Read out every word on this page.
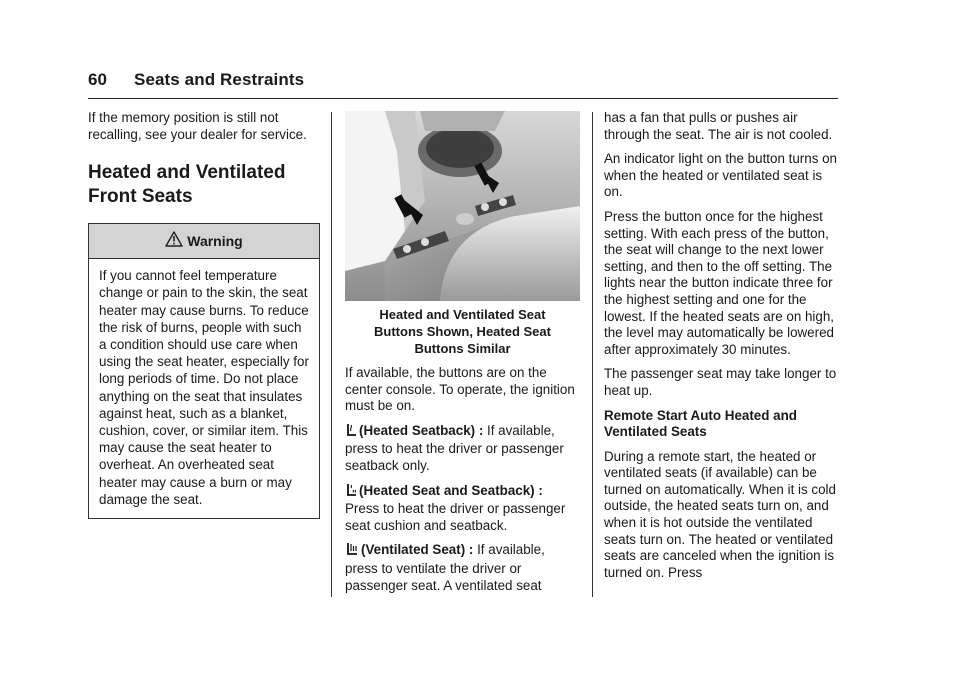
60 Seats and Restraints

If the memory position is still not recalling, see your dealer for service.

Heated and Ventilated
Front Seats
Warning
If you cannot feel temperature change or pain to the skin, the seat heater may cause burns. To reduce the risk of burns, people with such a condition should use care when using the seat heater, especially for long periods of time. Do not place anything on the seat that insulates against heat, such as a blanket, cushion, cover, or similar item. This may cause the seat heater to overheat. An overheated seat heater may cause a burn or may damage the seat.
Heated and Ventilated Seat
Buttons Shown, Heated Seat
Buttons Similar

If available, the buttons are on the center console. To operate, the ignition must be on.

(Heated Seatback) : If available, press to heat the driver or passenger seatback only.

(Heated Seat and Seatback) : Press to heat the driver or passenger seat cushion and seatback.

(Ventilated Seat) : If available, press to ventilate the driver or passenger seat. A ventilated seat

has a fan that pulls or pushes air through the seat. The air is not cooled.

An indicator light on the button turns on when the heated or ventilated seat is on.

Press the button once for the highest setting. With each press of the button, the seat will change to the next lower setting, and then to the off setting. The lights near the button indicate three for the highest setting and one for the lowest. If the heated seats are on high, the level may automatically be lowered after approximately 30 minutes.

The passenger seat may take longer to heat up.

Remote Start Auto Heated and Ventilated Seats

During a remote start, the heated or ventilated seats (if available) can be turned on automatically. When it is cold outside, the heated seats turn on, and when it is hot outside the ventilated seats turn on. The heated or ventilated seats are canceled when the ignition is turned on. Press
